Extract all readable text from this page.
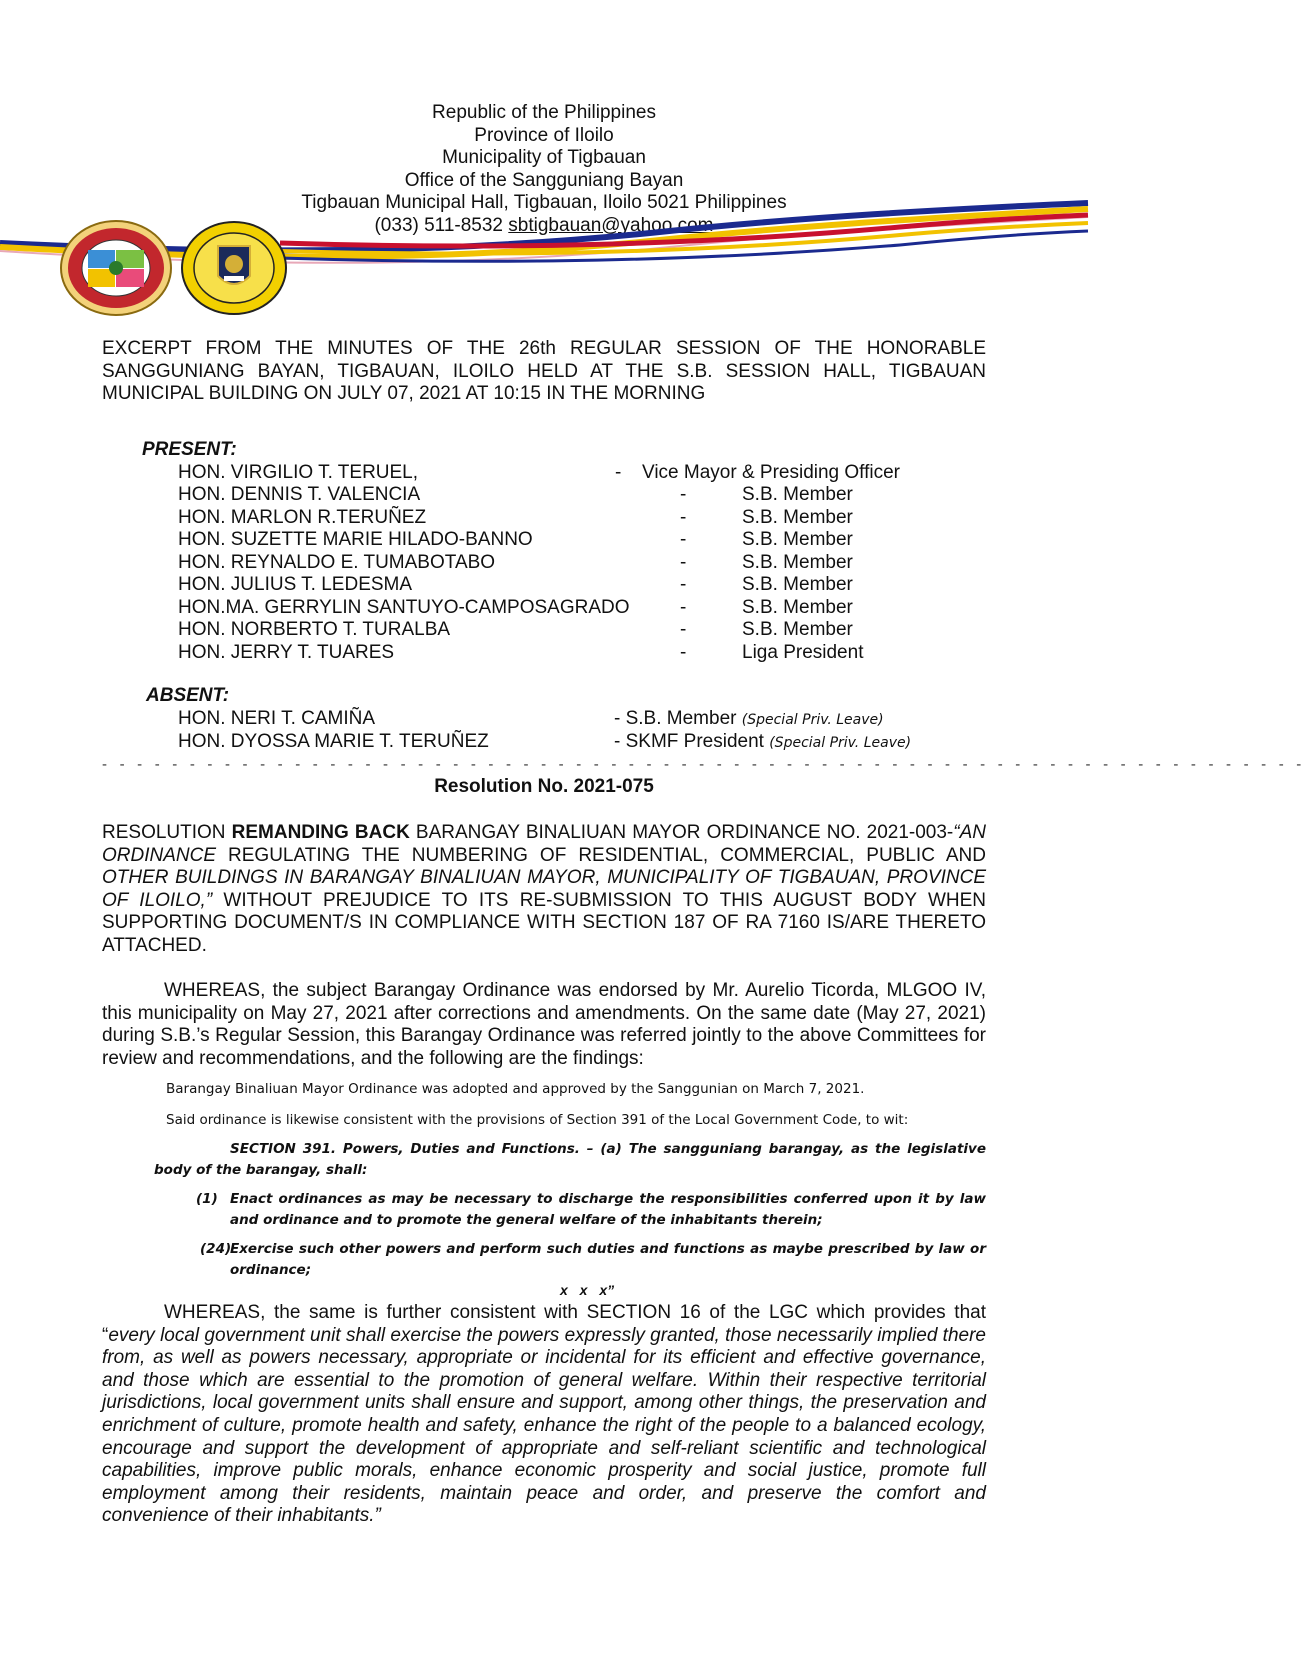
Republic of the Philippines
Province of Iloilo
Municipality of Tigbauan
Office of the Sangguniang Bayan
Tigbauan Municipal Hall, Tigbauan, Iloilo 5021 Philippines
(033) 511-8532 sbtigbauan@yahoo.com
EXCERPT FROM THE MINUTES OF THE 26th REGULAR SESSION OF THE HONORABLE SANGGUNIANG BAYAN, TIGBAUAN, ILOILO HELD AT THE S.B. SESSION HALL, TIGBAUAN MUNICIPAL BUILDING ON JULY 07, 2021 AT 10:15 IN THE MORNING
PRESENT:
HON. VIRGILIO T. TERUEL,	- Vice Mayor & Presiding Officer
HON. DENNIS T. VALENCIA	-	S.B. Member
HON. MARLON R.TERUÑEZ	-	S.B. Member
HON. SUZETTE MARIE HILADO-BANNO	-	S.B. Member
HON. REYNALDO E. TUMABOTABO	-	S.B. Member
HON. JULIUS T. LEDESMA	-	S.B. Member
HON.MA. GERRYLIN SANTUYO-CAMPOSAGRADO	-	S.B. Member
HON. NORBERTO T. TURALBA	-	S.B. Member
HON. JERRY T. TUARES	-	Liga President
ABSENT:
HON. NERI T. CAMIÑA	- S.B. Member (Special Priv. Leave)
HON. DYOSSA MARIE T. TERUÑEZ	- SKMF President (Special Priv. Leave)
- - - - - - - - - - - - - - - - - - - - - - - - - - - - - - - - - - - - - - - - - - - - - - - - - - - - - - - - - - - - - - - - - - - - -
Resolution No. 2021-075
RESOLUTION REMANDING BACK BARANGAY BINALIUAN MAYOR ORDINANCE NO. 2021-003-“AN ORDINANCE REGULATING THE NUMBERING OF RESIDENTIAL, COMMERCIAL, PUBLIC AND OTHER BUILDINGS IN BARANGAY BINALIUAN MAYOR, MUNICIPALITY OF TIGBAUAN, PROVINCE OF ILOILO,” WITHOUT PREJUDICE TO ITS RE-SUBMISSION TO THIS AUGUST BODY WHEN SUPPORTING DOCUMENT/S IN COMPLIANCE WITH SECTION 187 OF RA 7160 IS/ARE THERETO ATTACHED.
WHEREAS, the subject Barangay Ordinance was endorsed by Mr. Aurelio Ticorda, MLGOO IV, this municipality on May 27, 2021 after corrections and amendments. On the same date (May 27, 2021) during S.B.’s Regular Session, this Barangay Ordinance was referred jointly to the above Committees for review and recommendations, and the following are the findings:
Barangay Binaliuan Mayor Ordinance was adopted and approved by the Sanggunian on March 7, 2021.
Said ordinance is likewise consistent with the provisions of Section 391 of the Local Government Code, to wit:
SECTION 391. Powers, Duties and Functions. – (a) The sangguniang barangay, as the legislative body of the barangay, shall:
(1) Enact ordinances as may be necessary to discharge the responsibilities conferred upon it by law and ordinance and to promote the general welfare of the inhabitants therein;
(24)
Exercise such other powers and perform such duties and functions as maybe prescribed by law or ordinance;
x x x”
WHEREAS, the same is further consistent with SECTION 16 of the LGC which provides that “every local government unit shall exercise the powers expressly granted, those necessarily implied there from, as well as powers necessary, appropriate or incidental for its efficient and effective governance, and those which are essential to the promotion of general welfare. Within their respective territorial jurisdictions, local government units shall ensure and support, among other things, the preservation and enrichment of culture, promote health and safety, enhance the right of the people to a balanced ecology, encourage and support the development of appropriate and self-reliant scientific and technological capabilities, improve public morals, enhance economic prosperity and social justice, promote full employment among their residents, maintain peace and order, and preserve the comfort and convenience of their inhabitants.”
